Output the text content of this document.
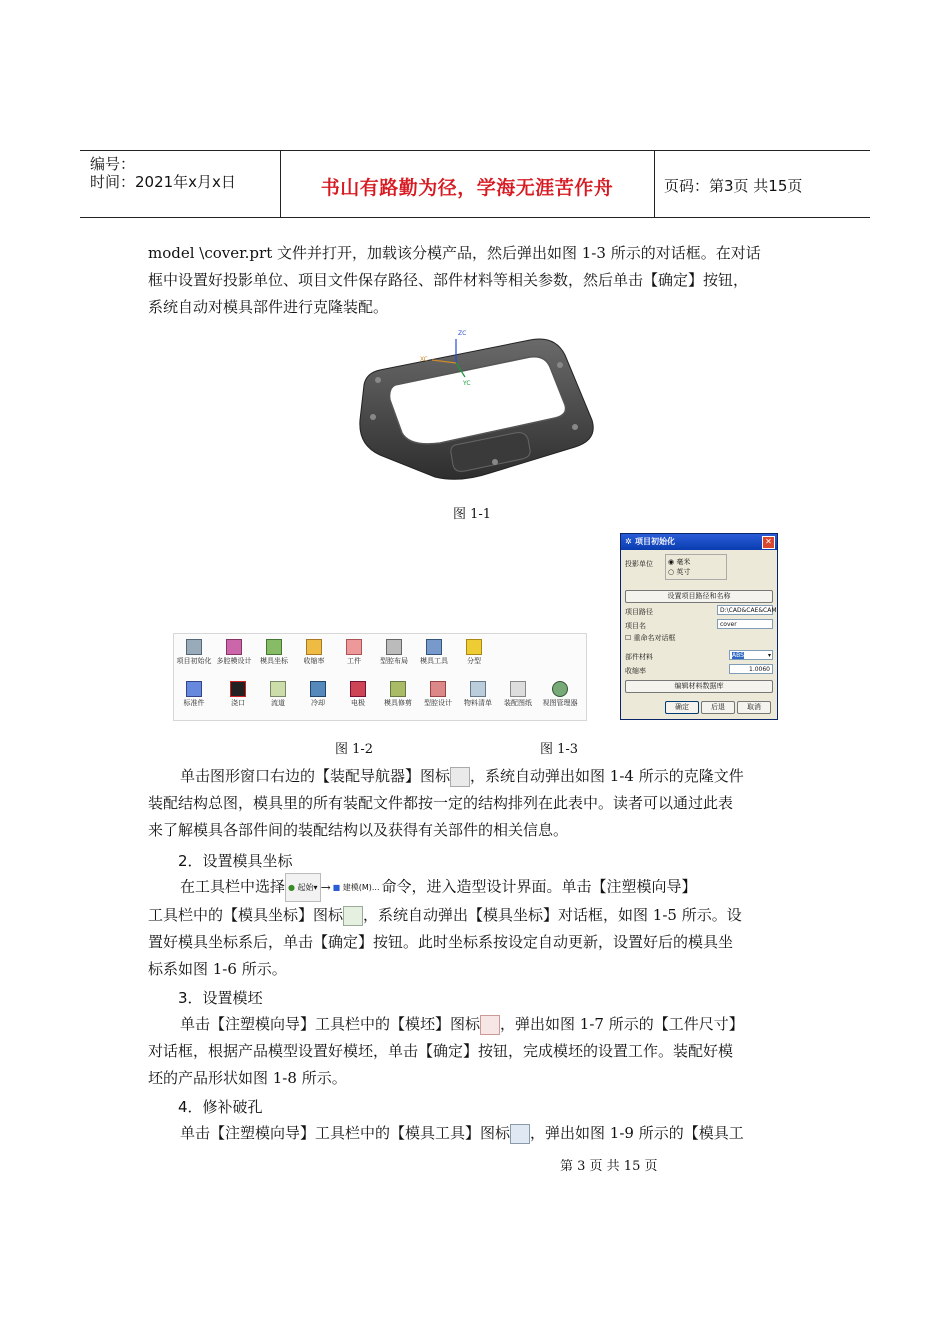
编号：
时间：2021年x月x日	书山有路勤为径，学海无涯苦作舟	页码：第3页 共15页
model \cover.prt 文件并打开，加载该分模产品，然后弹出如图 1-3 所示的对话框。在对话
框中设置好投影单位、项目文件保存路径、部件材料等相关参数，然后单击【确定】按钮，
系统自动对模具部件进行克隆装配。
ZC
YC
XC
图 1-1
项目初始化 多腔模设计	模具坐标	收缩率	工件	型腔布局	模具工具	分型
标准件	浇口	流道	冷却	电极	模具修剪	型腔设计	物料清单	装配图纸	视图管理器
图 1-2
✲ 项目初始化	✕
投影单位 ◉ 毫米
○ 英寸
设置项目路径和名称
项目路径	D:\CAD&CAE&CAM
项目名	cover
☐ 重命名对话框
部件材料	ABS	▾
收缩率	1.0060
编辑材料数据库
确定	后退	取消
图 1-3
单击图形窗口右边的【装配导航器】图标 ，系统自动弹出如图 1-4 所示的克隆文件
装配结构总图，模具里的所有装配文件都按一定的结构排列在此表中。读者可以通过此表
来了解模具各部件间的装配结构以及获得有关部件的相关信息。
2．设置模具坐标
在工具栏中选择 ● 起始▾ → ■ 建模(M)... 命令，进入造型设计界面。单击【注塑模向导】
工具栏中的【模具坐标】图标 ，系统自动弹出【模具坐标】对话框，如图 1-5 所示。设
置好模具坐标系后，单击【确定】按钮。此时坐标系按设定自动更新，设置好后的模具坐
标系如图 1-6 所示。
3．设置模坯
单击【注塑模向导】工具栏中的【模坯】图标 ，弹出如图 1-7 所示的【工件尺寸】
对话框，根据产品模型设置好模坯，单击【确定】按钮，完成模坯的设置工作。装配好模
坯的产品形状如图 1-8 所示。
4．修补破孔
单击【注塑模向导】工具栏中的【模具工具】图标 ，弹出如图 1-9 所示的【模具工
第 3 页 共 15 页
